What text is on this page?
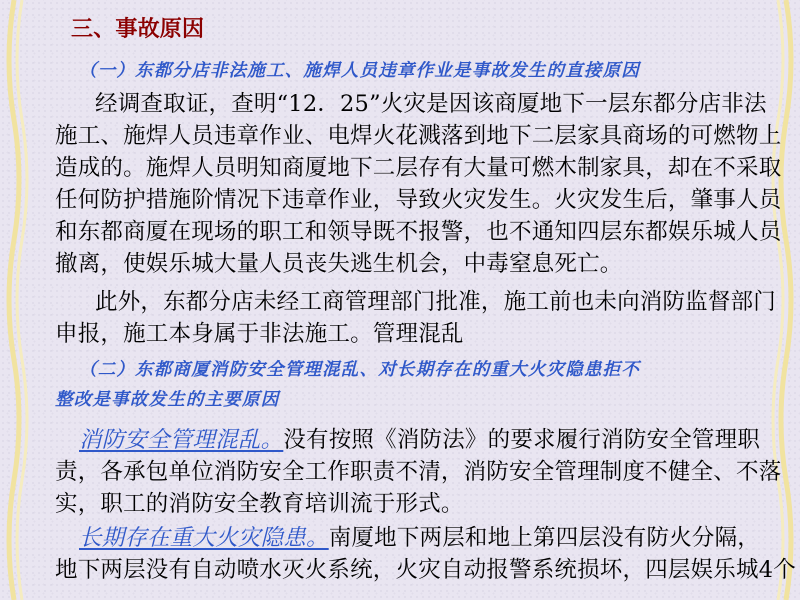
三、事故原因
（一）东都分店非法施工、施焊人员违章作业是事故发生的直接原因
经调查取证，查明“12．25”火灾是因该商厦地下一层东都分店非法
施工、施焊人员违章作业、电焊火花溅落到地下二层家具商场的可燃物上
造成的。施焊人员明知商厦地下二层存有大量可燃木制家具，却在不采取
任何防护措施阶情况下违章作业，导致火灾发生。火灾发生后，肇事人员
和东都商厦在现场的职工和领导既不报警，也不通知四层东都娱乐城人员
撤离，使娱乐城大量人员丧失逃生机会，中毒窒息死亡。
此外，东都分店未经工商管理部门批准，施工前也未向消防监督部门
申报，施工本身属于非法施工。管理混乱
（二）东都商厦消防安全管理混乱、对长期存在的重大火灾隐患拒不
整改是事故发生的主要原因
消防安全管理混乱。没有按照《消防法》的要求履行消防安全管理职
责，各承包单位消防安全工作职责不清，消防安全管理制度不健全、不落
实，职工的消防安全教育培训流于形式。
长期存在重大火灾隐患。南厦地下两层和地上第四层没有防火分隔，
地下两层没有自动喷水灭火系统，火灾自动报警系统损坏，四层娱乐城4个
